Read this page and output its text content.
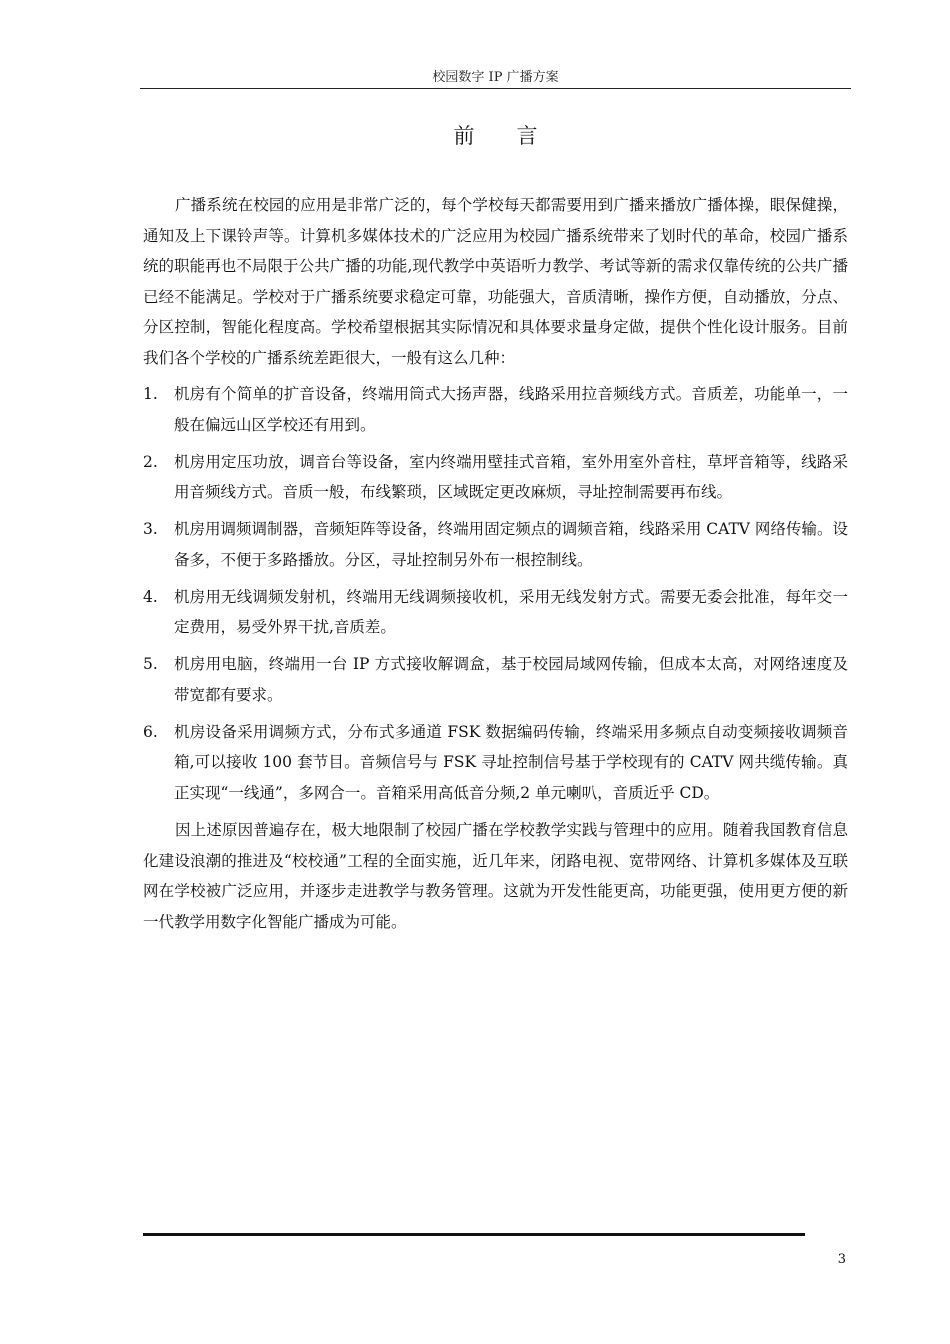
校园数字 IP 广播方案
前言

广播系统在校园的应用是非常广泛的，每个学校每天都需要用到广播来播放广播体操，眼保健操，通知及上下课铃声等。计算机多媒体技术的广泛应用为校园广播系统带来了划时代的革命，校园广播系统的职能再也不局限于公共广播的功能,现代教学中英语听力教学、考试等新的需求仅靠传统的公共广播已经不能满足。学校对于广播系统要求稳定可靠，功能强大，音质清晰，操作方便，自动播放，分点、分区控制，智能化程度高。学校希望根据其实际情况和具体要求量身定做，提供个性化设计服务。目前我们各个学校的广播系统差距很大，一般有这么几种：

1. 机房有个简单的扩音设备，终端用筒式大扬声器，线路采用拉音频线方式。音质差，功能单一，一般在偏远山区学校还有用到。
2. 机房用定压功放，调音台等设备，室内终端用壁挂式音箱，室外用室外音柱，草坪音箱等，线路采用音频线方式。音质一般，布线繁琐，区域既定更改麻烦，寻址控制需要再布线。
3. 机房用调频调制器，音频矩阵等设备，终端用固定频点的调频音箱，线路采用 CATV 网络传输。设备多，不便于多路播放。分区，寻址控制另外布一根控制线。
4. 机房用无线调频发射机，终端用无线调频接收机，采用无线发射方式。需要无委会批准，每年交一定费用，易受外界干扰,音质差。
5. 机房用电脑，终端用一台 IP 方式接收解调盒，基于校园局域网传输，但成本太高，对网络速度及带宽都有要求。
6. 机房设备采用调频方式，分布式多通道 FSK 数据编码传输，终端采用多频点自动变频接收调频音箱,可以接收 100 套节目。音频信号与 FSK 寻址控制信号基于学校现有的 CATV 网共缆传输。真正实现“一线通”，多网合一。音箱采用高低音分频,2 单元喇叭，音质近乎 CD。

因上述原因普遍存在，极大地限制了校园广播在学校教学实践与管理中的应用。随着我国教育信息化建设浪潮的推进及“校校通”工程的全面实施，近几年来，闭路电视、宽带网络、计算机多媒体及互联网在学校被广泛应用，并逐步走进教学与教务管理。这就为开发性能更高，功能更强，使用更方便的新一代教学用数字化智能广播成为可能。

3
